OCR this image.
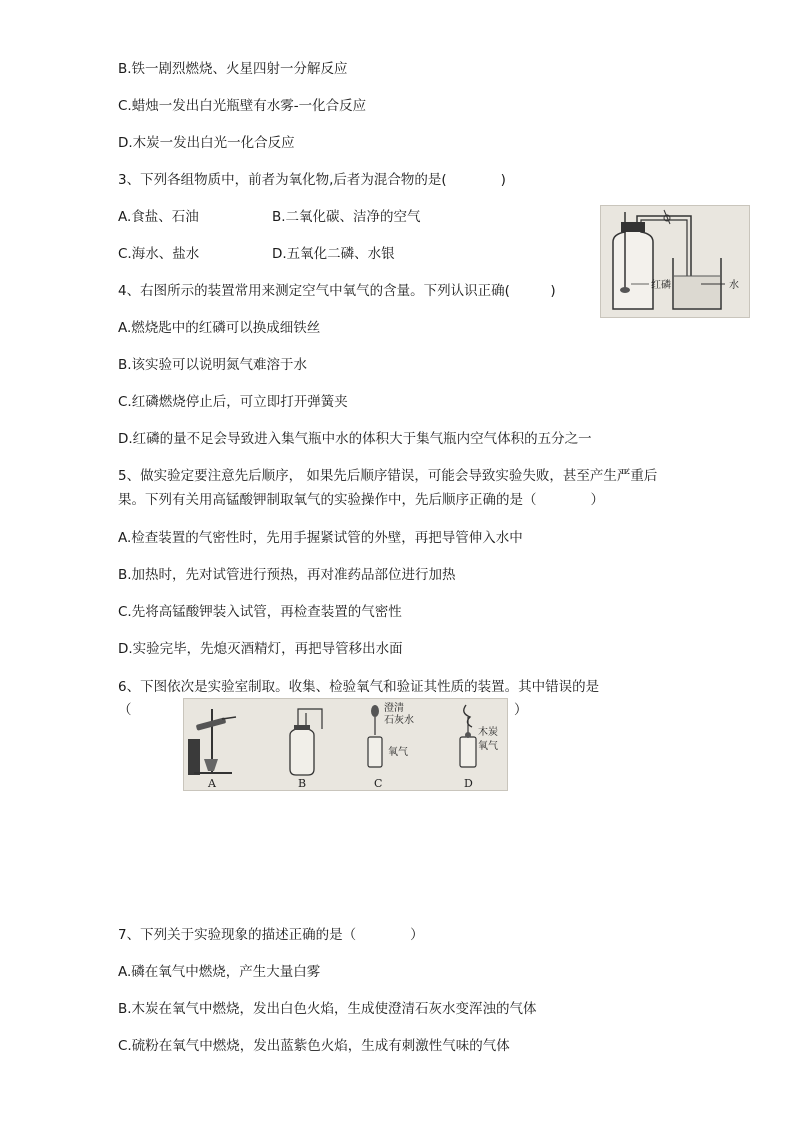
B.铁一剧烈燃烧、火星四射一分解反应
C.蜡烛一发出白光瓶壁有水雾-一化合反应
D.木炭一发出白光一化合反应
3、下列各组物质中，前者为氧化物,后者为混合物的是(　　　　)
A.食盐、石油	B.二氧化碳、洁净的空气
C.海水、盐水	D.五氧化二磷、水银
红磷	水
4、右图所示的装置常用来测定空气中氧气的含量。下列认识正确(　　　)
A.燃烧匙中的红磷可以换成细铁丝
B.该实验可以说明氮气难溶于水
C.红磷燃烧停止后，可立即打开弹簧夹
D.红磷的量不足会导致进入集气瓶中水的体积大于集气瓶内空气体积的五分之一
5、做实验定要注意先后顺序， 如果先后顺序错误，可能会导致实验失败，甚至产生严重后果。下列有关用高锰酸钾制取氧气的实验操作中，先后顺序正确的是（　　　　）
A.检查装置的气密性时，先用手握紧试管的外壁，再把导管伸入水中
B.加热时，先对试管进行预热，再对准药品部位进行加热
C.先将高锰酸钾装入试管，再检查装置的气密性
D.实验完毕，先熄灭酒精灯，再把导管移出水面
6、下图依次是实验室制取。收集、检验氧气和验证其性质的装置。其中错误的是
（	）
A	B
澄清
石灰水
氧气
C
木炭
氧气
D
7、下列关于实验现象的描述正确的是（　　　　）
A.磷在氧气中燃烧，产生大量白雾
B.木炭在氧气中燃烧，发出白色火焰，生成使澄清石灰水变浑浊的气体
C.硫粉在氧气中燃烧，发出蓝紫色火焰，生成有刺激性气味的气体
